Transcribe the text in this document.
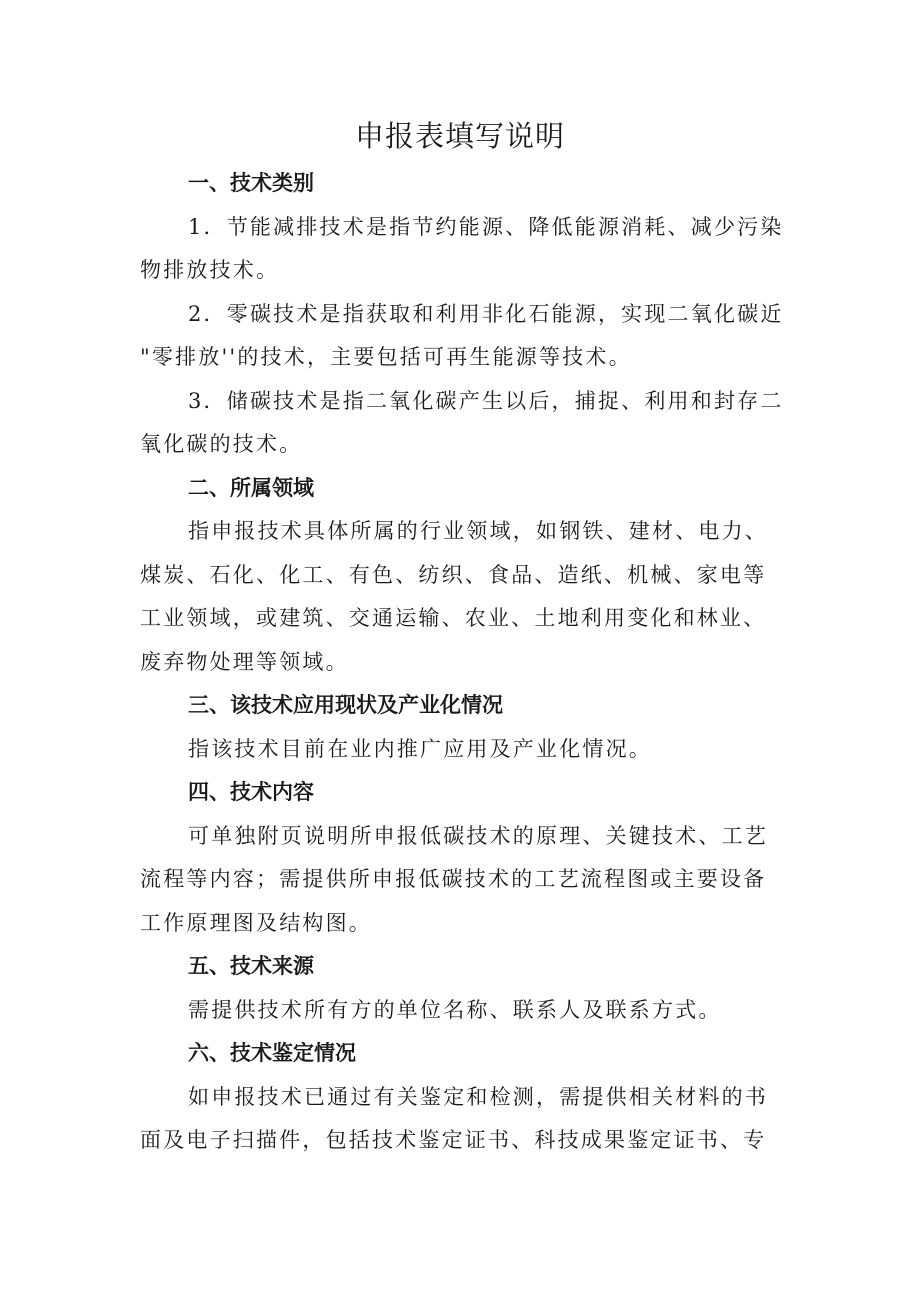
申报表填写说明

一、技术类别

1．节能减排技术是指节约能源、降低能源消耗、减少污染

物排放技术。

2．零碳技术是指获取和利用非化石能源，实现二氧化碳近

"零排放''的技术，主要包括可再生能源等技术。

3．储碳技术是指二氧化碳产生以后，捕捉、利用和封存二

氧化碳的技术。

二、所属领域

指申报技术具体所属的行业领域，如钢铁、建材、电力、

煤炭、石化、化工、有色、纺织、食品、造纸、机械、家电等

工业领域，或建筑、交通运输、农业、土地利用变化和林业、

废弃物处理等领域。

三、该技术应用现状及产业化情况

指该技术目前在业内推广应用及产业化情况。

四、技术内容

可单独附页说明所申报低碳技术的原理、关键技术、工艺

流程等内容；需提供所申报低碳技术的工艺流程图或主要设备

工作原理图及结构图。

五、技术来源

需提供技术所有方的单位名称、联系人及联系方式。

六、技术鉴定情况

如申报技术已通过有关鉴定和检测，需提供相关材料的书

面及电子扫描件，包括技术鉴定证书、科技成果鉴定证书、专
